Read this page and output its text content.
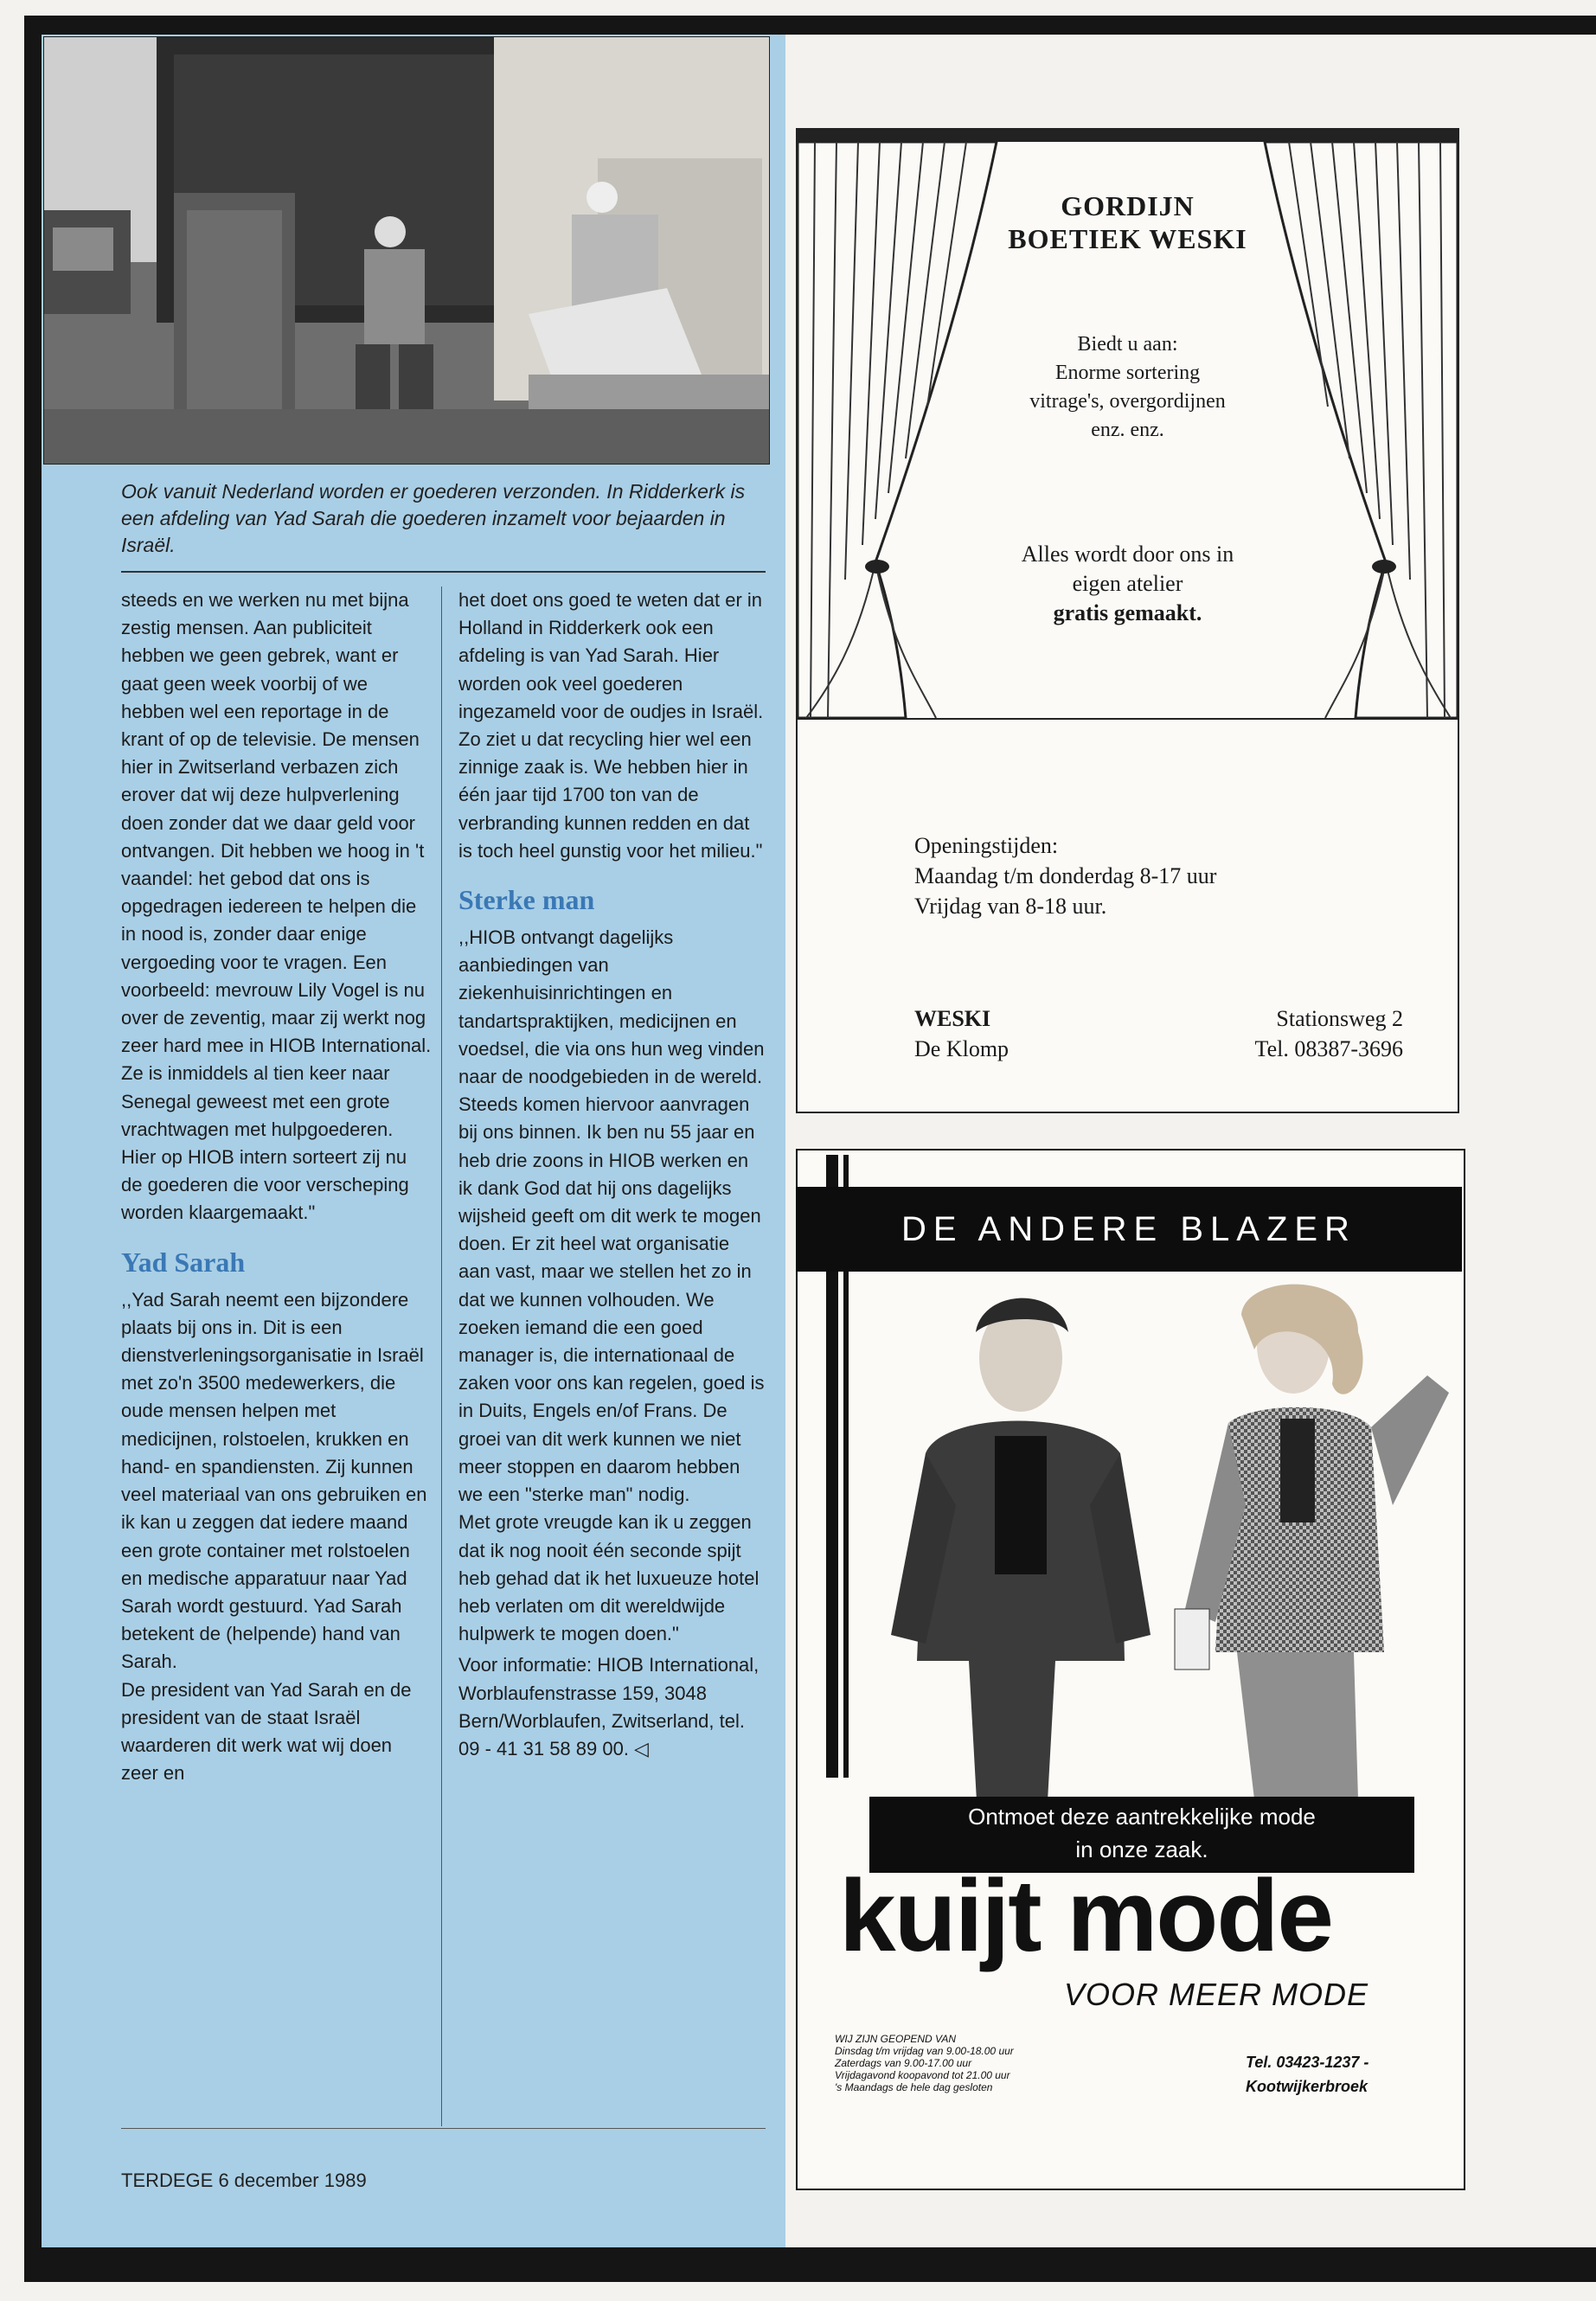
Ook vanuit Nederland worden er goederen verzonden. In Ridderkerk is een afdeling van Yad Sarah die goederen inzamelt voor bejaarden in Israël.

steeds en we werken nu met bijna zestig mensen. Aan publiciteit hebben we geen gebrek, want er gaat geen week voorbij of we hebben wel een reportage in de krant of op de televisie. De mensen hier in Zwitserland verbazen zich erover dat wij deze hulpverlening doen zonder dat we daar geld voor ontvangen. Dit hebben we hoog in 't vaandel: het gebod dat ons is opgedragen iedereen te helpen die in nood is, zonder daar enige vergoeding voor te vragen. Een voorbeeld: mevrouw Lily Vogel is nu over de zeventig, maar zij werkt nog zeer hard mee in HIOB International. Ze is inmiddels al tien keer naar Senegal geweest met een grote vrachtwagen met hulpgoederen. Hier op HIOB intern sorteert zij nu de goederen die voor verscheping worden klaargemaakt."

Yad Sarah

,,Yad Sarah neemt een bijzondere plaats bij ons in. Dit is een dienstverleningsorganisatie in Israël met zo'n 3500 medewerkers, die oude mensen helpen met medicijnen, rolstoelen, krukken en hand- en spandiensten. Zij kunnen veel materiaal van ons gebruiken en ik kan u zeggen dat iedere maand een grote container met rolstoelen en medische apparatuur naar Yad Sarah wordt gestuurd. Yad Sarah betekent de (helpende) hand van Sarah.

De president van Yad Sarah en de president van de staat Israël waarderen dit werk wat wij doen zeer en

het doet ons goed te weten dat er in Holland in Ridderkerk ook een afdeling is van Yad Sarah. Hier worden ook veel goederen ingezameld voor de oudjes in Israël. Zo ziet u dat recycling hier wel een zinnige zaak is. We hebben hier in één jaar tijd 1700 ton van de verbranding kunnen redden en dat is toch heel gunstig voor het milieu."

Sterke man

,,HIOB ontvangt dagelijks aanbiedingen van ziekenhuisinrichtingen en tandartspraktijken, medicijnen en voedsel, die via ons hun weg vinden naar de noodgebieden in de wereld. Steeds komen hiervoor aanvragen bij ons binnen. Ik ben nu 55 jaar en heb drie zoons in HIOB werken en ik dank God dat hij ons dagelijks wijsheid geeft om dit werk te mogen doen. Er zit heel wat organisatie aan vast, maar we stellen het zo in dat we kunnen volhouden. We zoeken iemand die een goed manager is, die internationaal de zaken voor ons kan regelen, goed is in Duits, Engels en/of Frans. De groei van dit werk kunnen we niet meer stoppen en daarom hebben we een "sterke man" nodig.

Met grote vreugde kan ik u zeggen dat ik nog nooit één seconde spijt heb gehad dat ik het luxueuze hotel heb verlaten om dit wereldwijde hulpwerk te mogen doen."

Voor informatie: HIOB International, Worblaufenstrasse 159, 3048 Bern/Worblaufen, Zwitserland, tel. 09 - 41 31 58 89 00. ◁

TERDEGE 6 december 1989
GORDIJN
BOETIEK WESKI
Biedt u aan:
Enorme sortering
vitrage's, overgordijnen
enz. enz.
Alles wordt door ons in
eigen atelier
gratis gemaakt.
Openingstijden:
Maandag t/m donderdag 8-17 uur
Vrijdag van 8-18 uur.
WESKI
De Klomp
Stationsweg 2
Tel. 08387-3696
DE ANDERE BLAZER
Ontmoet deze aantrekkelijke mode
in onze zaak.
kuijt mode
VOOR MEER MODE
WIJ ZIJN GEOPEND VAN
Dinsdag t/m vrijdag van 9.00-18.00 uur
Zaterdags van 9.00-17.00 uur
Vrijdagavond koopavond tot 21.00 uur
's Maandags de hele dag gesloten
Tel. 03423-1237 -
Kootwijkerbroek
